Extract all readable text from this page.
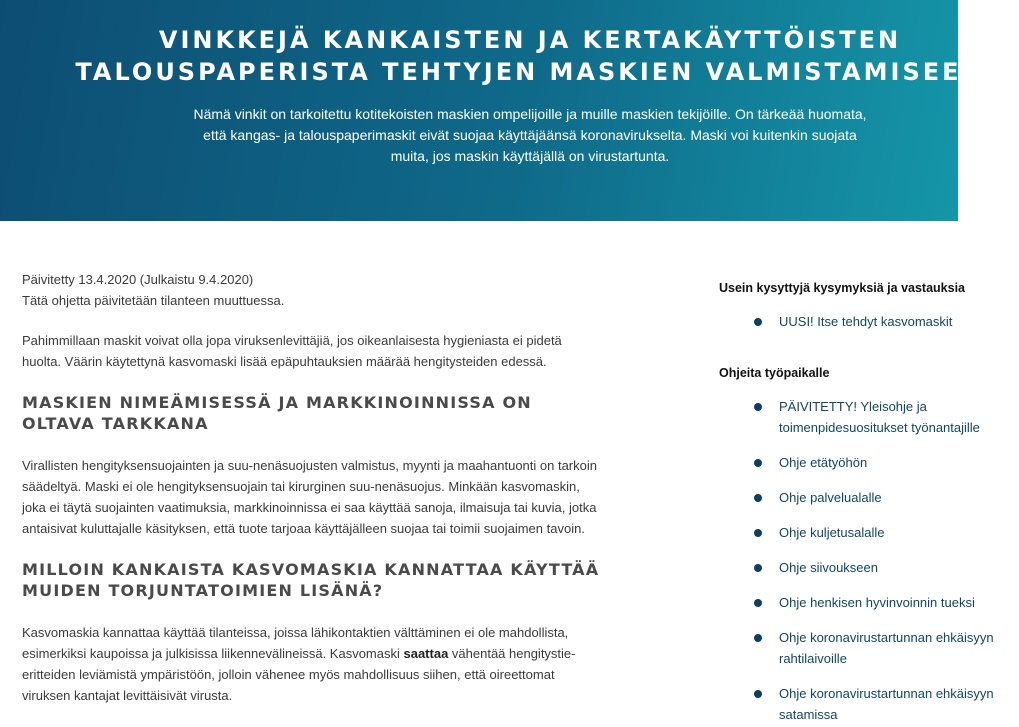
VINKKEJÄ KANKAISTEN JA KERTAKÄYTTÖISTEN TALOUSPAPERISTA TEHTYJEN MASKIEN VALMISTAMISEEN

Nämä vinkit on tarkoitettu kotitekoisten maskien ompelijoille ja muille maskien tekijöille. On tärkeää huomata, että kangas- ja talouspaperimaskit eivät suojaa käyttäjäänsä koronavirukselta. Maski voi kuitenkin suojata muita, jos maskin käyttäjällä on virustartunta.

Päivitetty 13.4.2020 (Julkaistu 9.4.2020)

Tätä ohjetta päivitetään tilanteen muuttuessa.

Pahimmillaan maskit voivat olla jopa viruksenlevittäjiä, jos oikeanlaisesta hygieniasta ei pidetä huolta. Väärin käytettynä kasvomaski lisää epäpuhtauksien määrää hengitysteiden edessä.

MASKIEN NIMEÄMISESSÄ JA MARKKINOINNISSA ON OLTAVA TARKKANA

Virallisten hengityksensuojainten ja suu-nenäsuojusten valmistus, myynti ja maahantuonti on tarkoin säädeltyä. Maski ei ole hengityksensuojain tai kirurginen suu-nenäsuojus. Minkään kasvomaskin, joka ei täytä suojainten vaatimuksia, markkinoinnissa ei saa käyttää sanoja, ilmaisuja tai kuvia, jotka antaisivat kuluttajalle käsityksen, että tuote tarjoaa käyttäjälleen suojaa tai toimii suojaimen tavoin.

MILLOIN KANKAISTA KASVOMASKIA KANNATTAA KÄYTTÄÄ MUIDEN TORJUNTATOIMIEN LISÄNÄ?

Kasvomaskia kannattaa käyttää tilanteissa, joissa lähikontaktien välttäminen ei ole mahdollista, esimerkiksi kaupoissa ja julkisissa liikennevälineissä. Kasvomaski saattaa vähentää hengitystieeritteiden leviämistä ympäristöön, jolloin vähenee myös mahdollisuus siihen, että oireettomat viruksen kantajat levittäisivät virusta.

Usein kysyttyjä kysymyksiä ja vastauksia
UUSI! Itse tehdyt kasvomaskit
Ohjeita työpaikalle
PÄIVITETTY! Yleisohje ja
toimenpidesuositukset työnantajille
Ohje etätyöhön
Ohje palvelualalle
Ohje kuljetusalalle
Ohje siivoukseen
Ohje henkisen hyvinvoinnin tueksi
Ohje koronavirustartunnan ehkäisyyn
rahtilaivoille
Ohje koronavirustartunnan ehkäisyyn
satamissa
